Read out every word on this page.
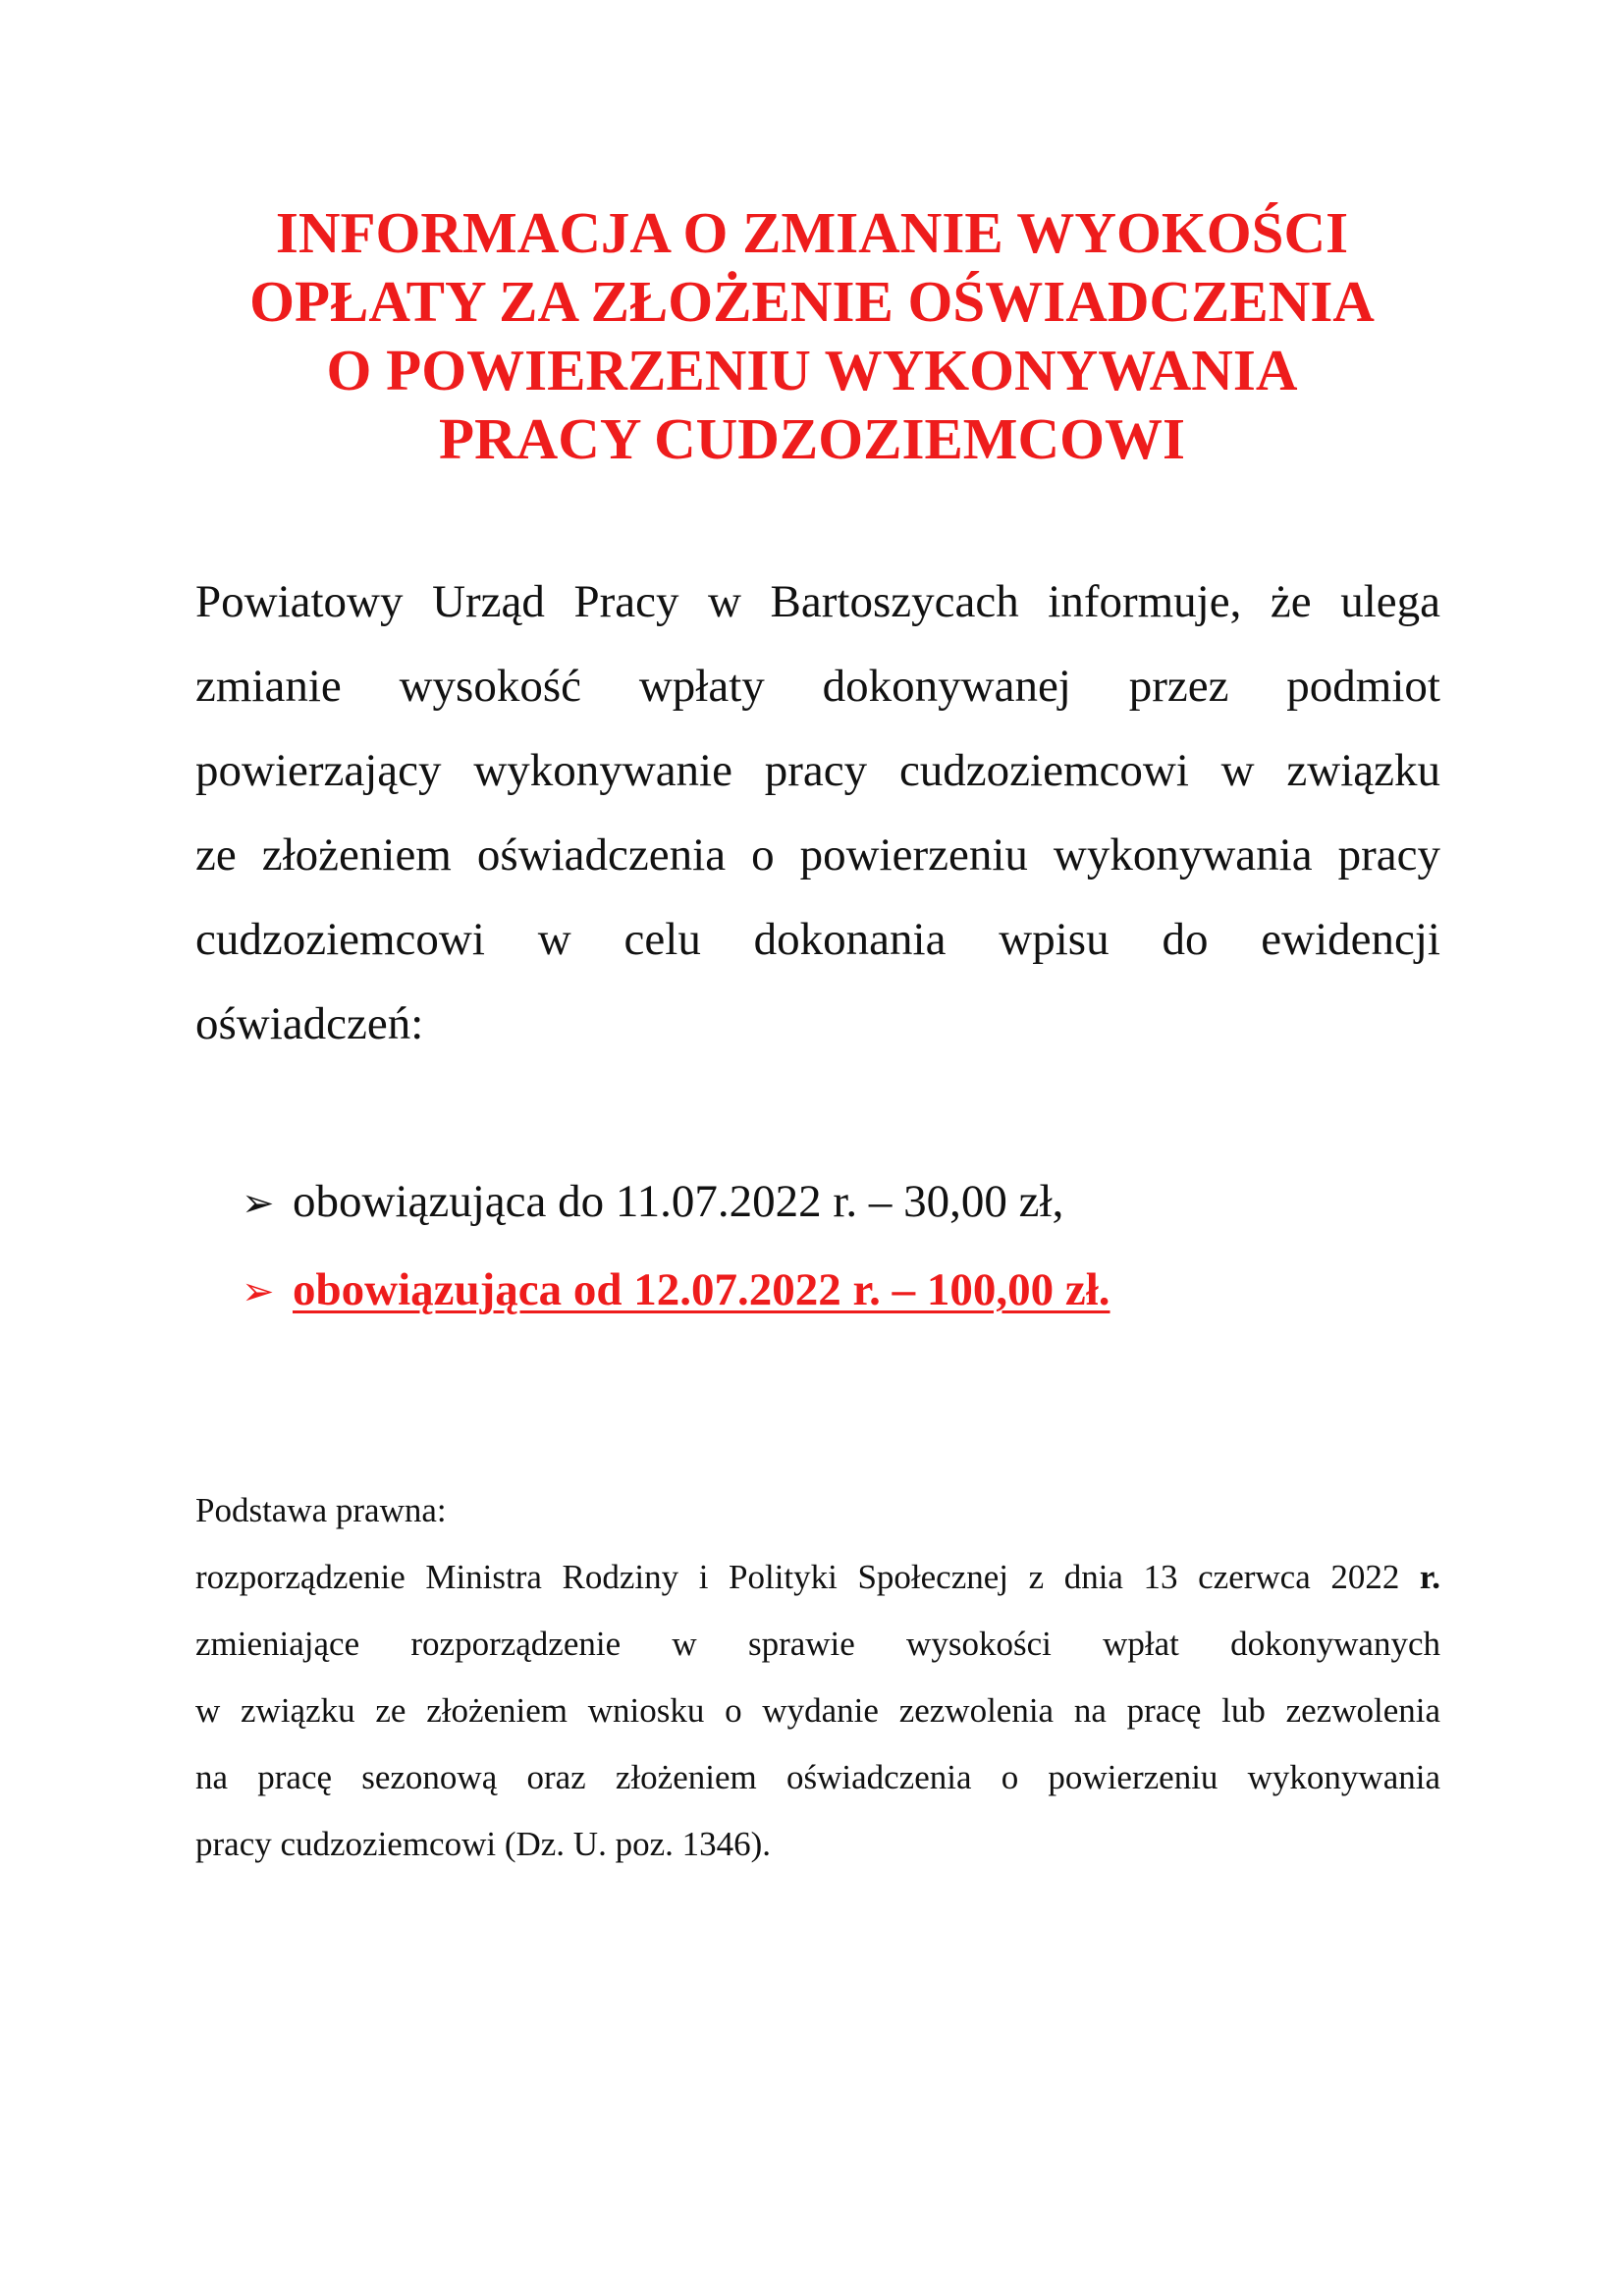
INFORMACJA O ZMIANIE WYOKOŚCI
OPŁATY ZA ZŁOŻENIE OŚWIADCZENIA
O POWIERZENIU WYKONYWANIA
PRACY CUDZOZIEMCOWI

Powiatowy Urząd Pracy w Bartoszycach informuje, że ulega
zmianie wysokość wpłaty dokonywanej przez podmiot
powierzający wykonywanie pracy cudzoziemcowi w związku
ze złożeniem oświadczenia o powierzeniu wykonywania pracy
cudzoziemcowi w celu dokonania wpisu do ewidencji
oświadczeń:

➢ obowiązująca do 11.07.2022 r. – 30,00 zł,
➢ obowiązująca od 12.07.2022 r. – 100,00 zł.
Podstawa prawna:
rozporządzenie Ministra Rodziny i Polityki Społecznej z dnia 13 czerwca 2022 r.
zmieniające rozporządzenie w sprawie wysokości wpłat dokonywanych
w związku ze złożeniem wniosku o wydanie zezwolenia na pracę lub zezwolenia
na pracę sezonową oraz złożeniem oświadczenia o powierzeniu wykonywania
pracy cudzoziemcowi (Dz. U. poz. 1346).
